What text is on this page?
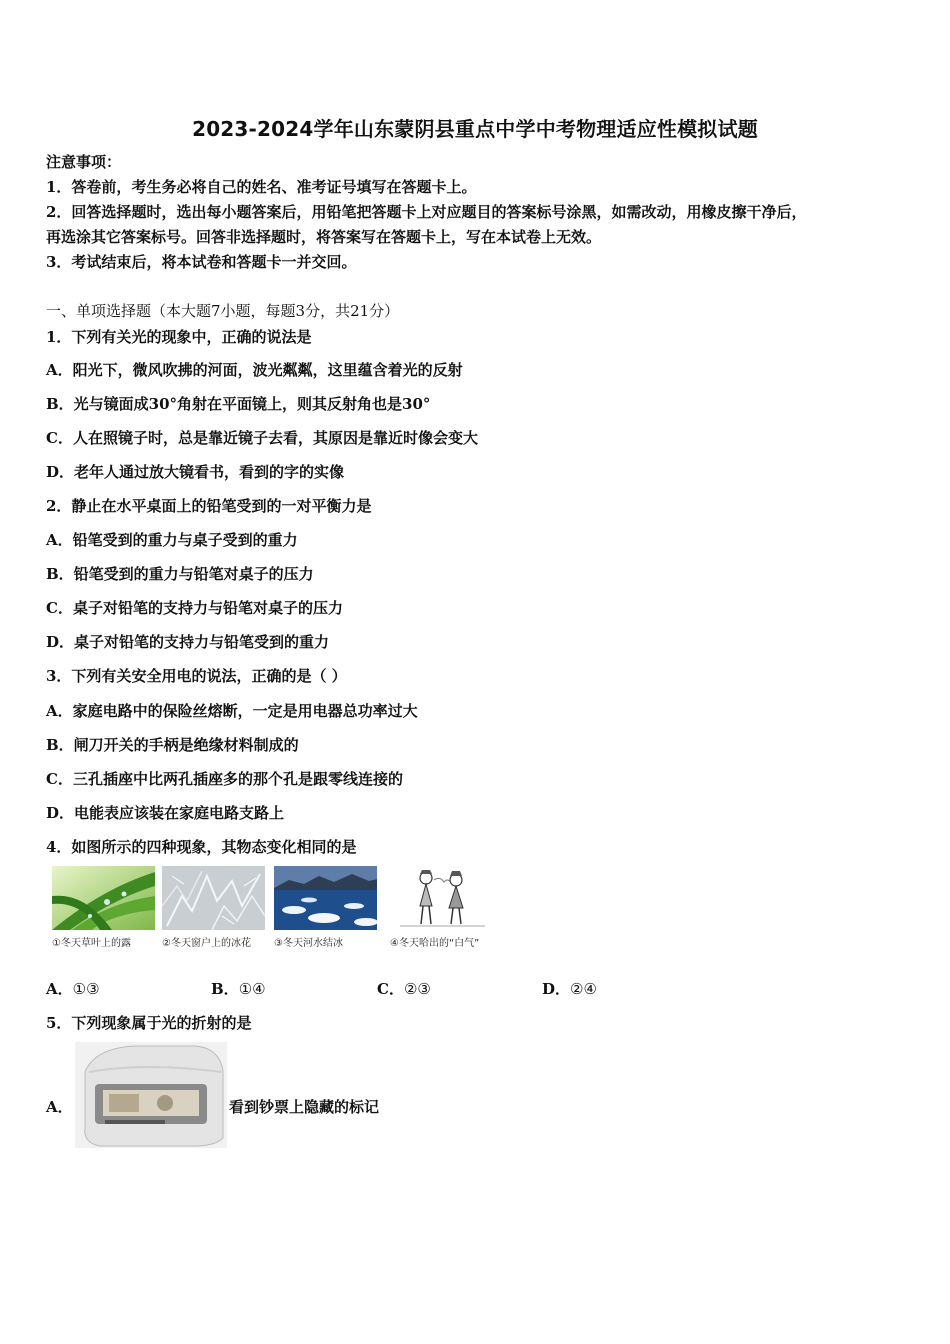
2023-2024学年山东蒙阴县重点中学中考物理适应性模拟试题
注意事项：
1．答卷前，考生务必将自己的姓名、准考证号填写在答题卡上。
2．回答选择题时，选出每小题答案后，用铅笔把答题卡上对应题目的答案标号涂黑，如需改动，用橡皮擦干净后，
再选涂其它答案标号。回答非选择题时，将答案写在答题卡上，写在本试卷上无效。
3．考试结束后，将本试卷和答题卡一并交回。
一、单项选择题（本大题7小题，每题3分，共21分）
1．下列有关光的现象中，正确的说法是
A．阳光下，微风吹拂的河面，波光粼粼，这里蕴含着光的反射
B．光与镜面成30°角射在平面镜上，则其反射角也是30°
C．人在照镜子时，总是靠近镜子去看，其原因是靠近时像会变大
D．老年人通过放大镜看书，看到的字的实像
2．静止在水平桌面上的铅笔受到的一对平衡力是
A．铅笔受到的重力与桌子受到的重力
B．铅笔受到的重力与铅笔对桌子的压力
C．桌子对铅笔的支持力与铅笔对桌子的压力
D．桌子对铅笔的支持力与铅笔受到的重力
3．下列有关安全用电的说法，正确的是（ ）
A．家庭电路中的保险丝熔断，一定是用电器总功率过大
B．闸刀开关的手柄是绝缘材料制成的
C．三孔插座中比两孔插座多的那个孔是跟零线连接的
D．电能表应该装在家庭电路支路上
4．如图所示的四种现象，其物态变化相同的是
①冬天草叶上的露	②冬天窗户上的冰花	③冬天河水结冰	④冬天哈出的“白气”
A．①③	B．①④	C．②③	D．②④
5．下列现象属于光的折射的是
A．	看到钞票上隐藏的标记
